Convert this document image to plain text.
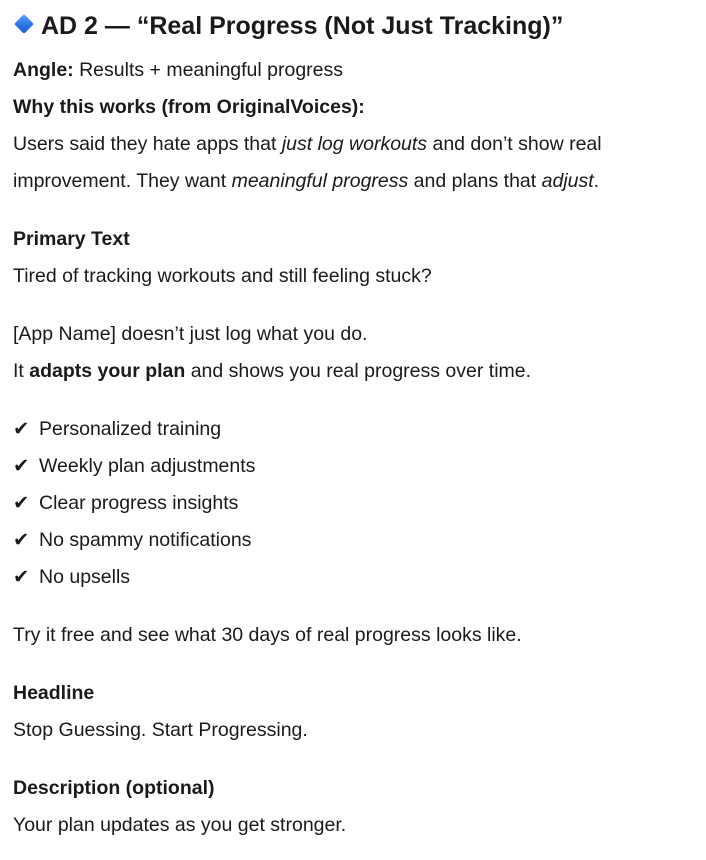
AD 2 — “Real Progress (Not Just Tracking)”
Angle: Results + meaningful progress
Why this works (from OriginalVoices):
Users said they hate apps that just log workouts and don’t show real
improvement. They want meaningful progress and plans that adjust.
Primary Text
Tired of tracking workouts and still feeling stuck?
[App Name] doesn’t just log what you do.
It adapts your plan and shows you real progress over time.
✔ Personalized training
✔ Weekly plan adjustments
✔ Clear progress insights
✔ No spammy notifications
✔ No upsells
Try it free and see what 30 days of real progress looks like.
Headline
Stop Guessing. Start Progressing.
Description (optional)
Your plan updates as you get stronger.
